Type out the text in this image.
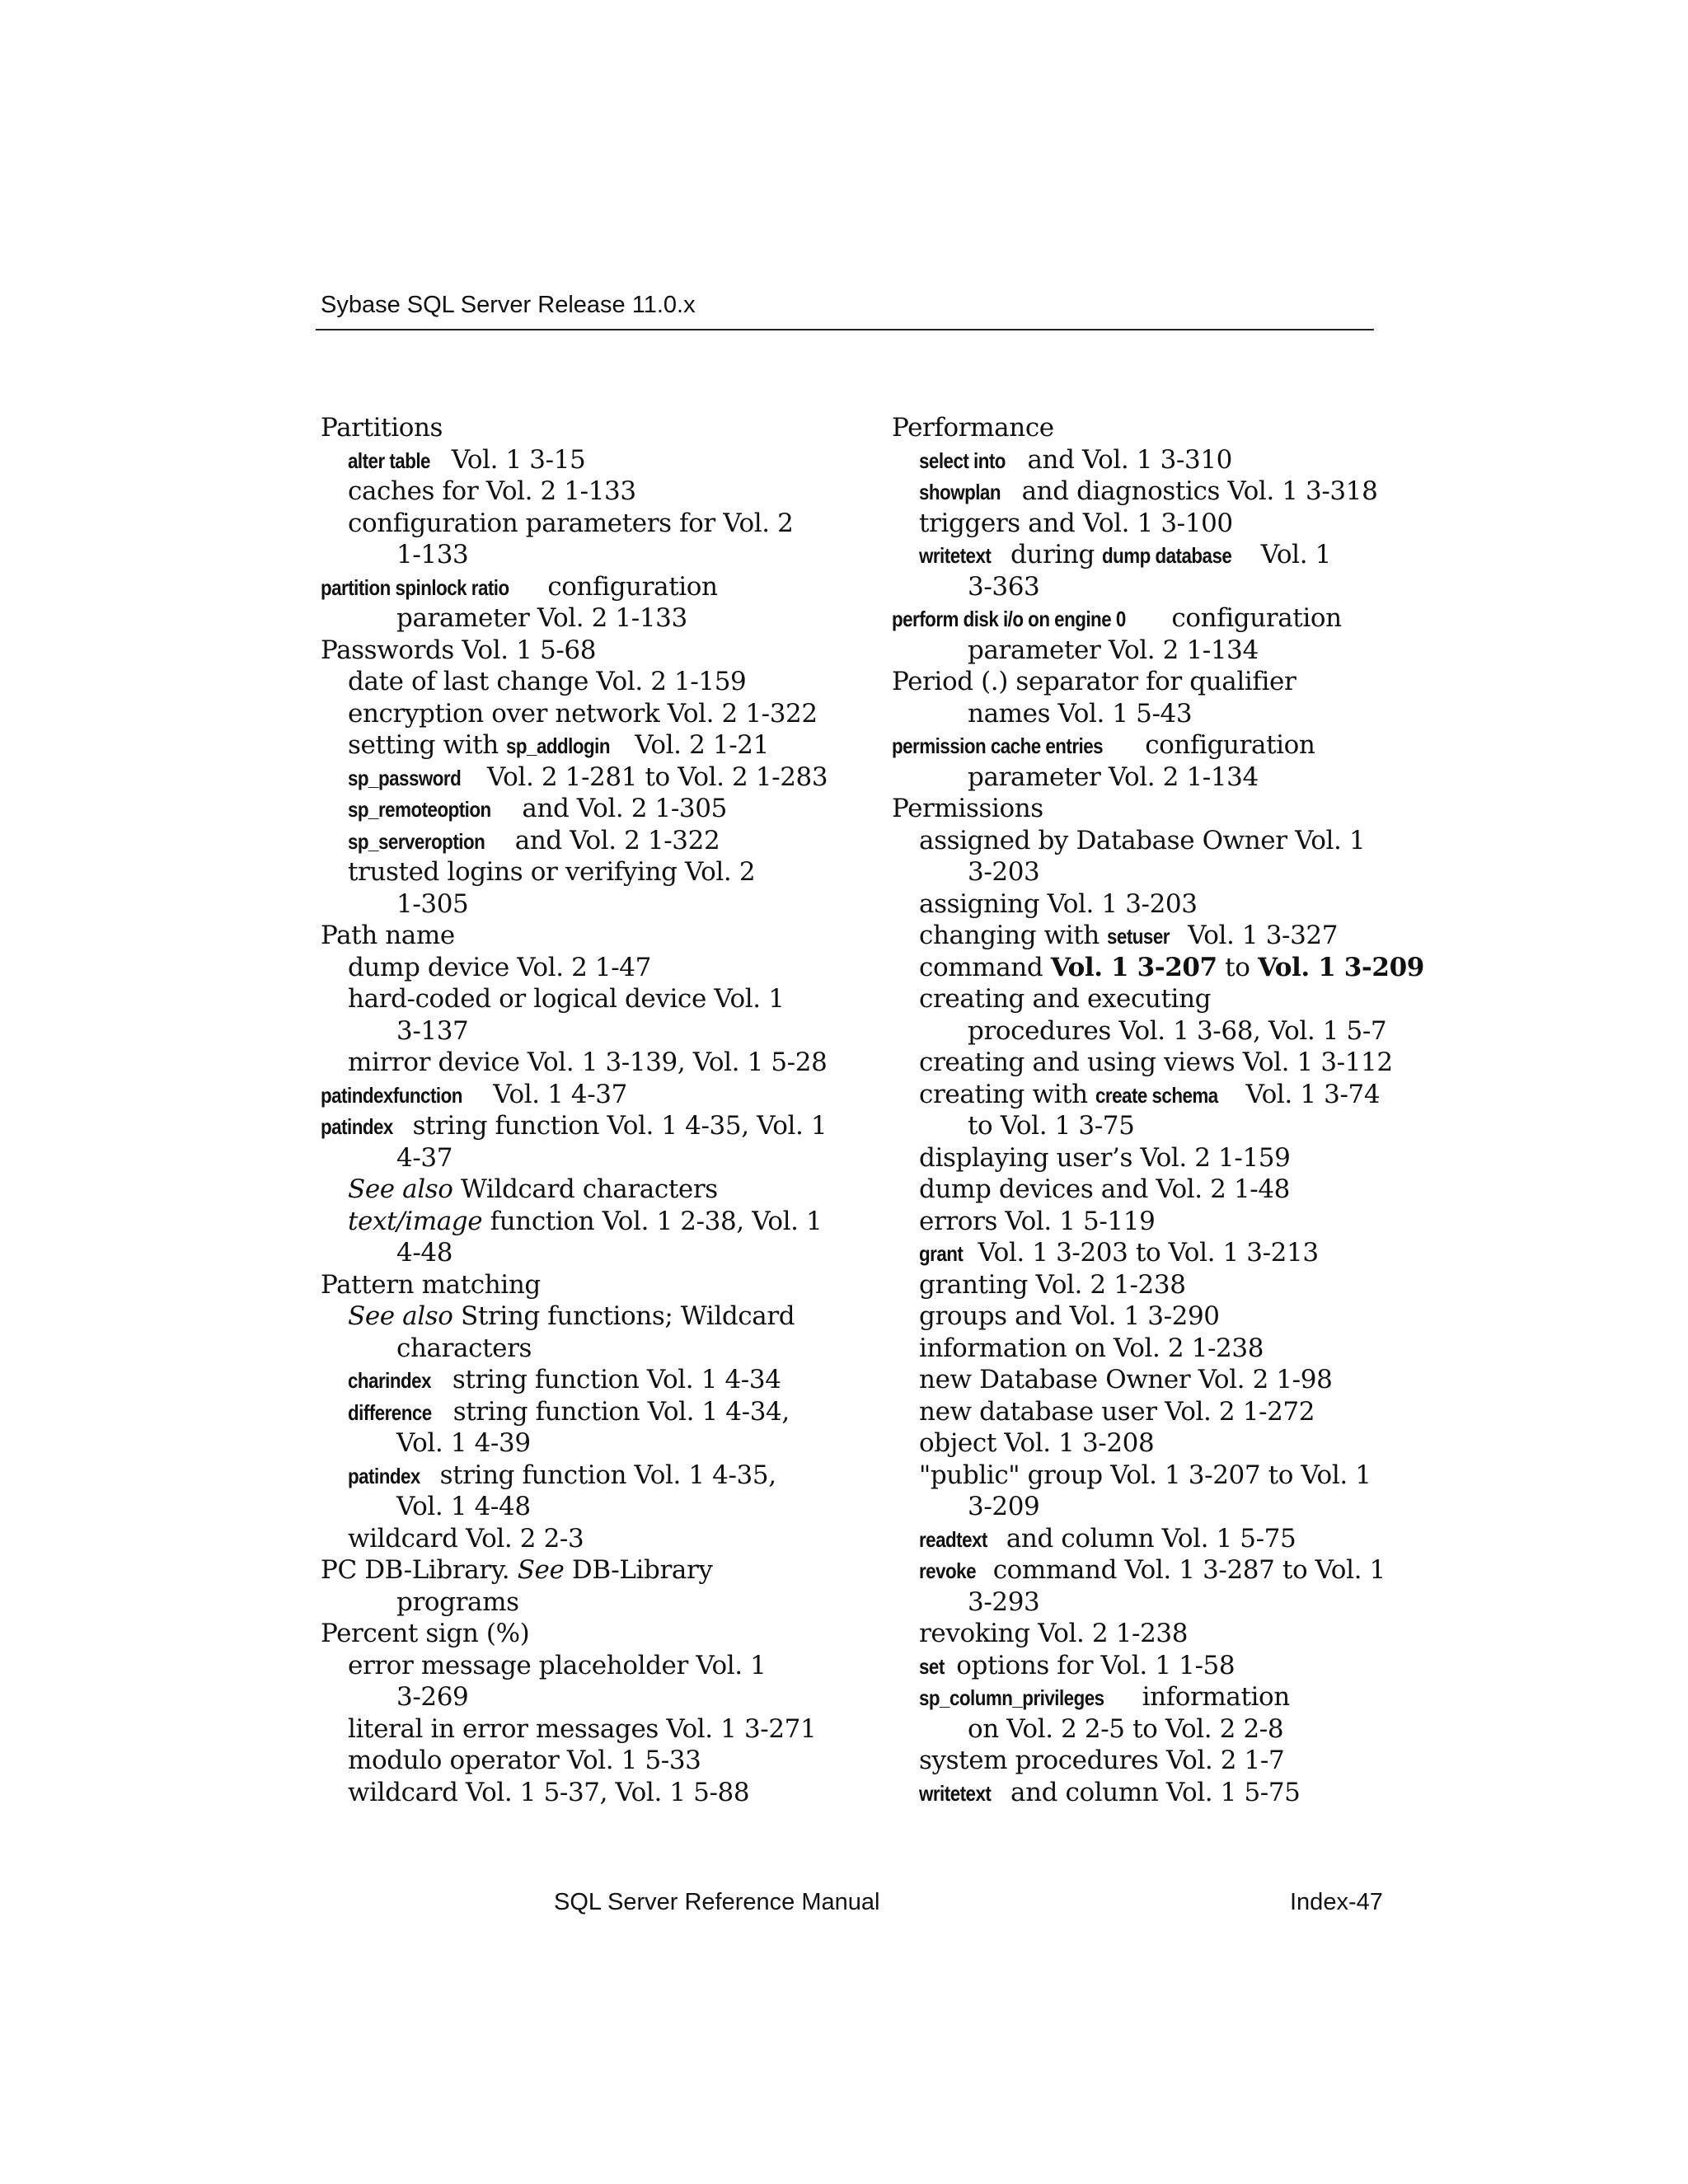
Sybase SQL Server Release 11.0.x
Partitions
alter table Vol. 1 3-15
caches for Vol. 2 1-133
configuration parameters for Vol. 2
1-133
partition spinlock ratio configuration
parameter Vol. 2 1-133
Passwords Vol. 1 5-68
date of last change Vol. 2 1-159
encryption over network Vol. 2 1-322
setting with sp_addlogin Vol. 2 1-21
sp_password Vol. 2 1-281 to Vol. 2 1-283
sp_remoteoption and Vol. 2 1-305
sp_serveroption and Vol. 2 1-322
trusted logins or verifying Vol. 2
1-305
Path name
dump device Vol. 2 1-47
hard-coded or logical device Vol. 1
3-137
mirror device Vol. 1 3-139, Vol. 1 5-28
patindexfunction Vol. 1 4-37
patindex string function Vol. 1 4-35, Vol. 1
4-37
See also Wildcard characters
text/image function Vol. 1 2-38, Vol. 1
4-48
Pattern matching
See also String functions; Wildcard
characters
charindex string function Vol. 1 4-34
difference string function Vol. 1 4-34,
Vol. 1 4-39
patindex string function Vol. 1 4-35,
Vol. 1 4-48
wildcard Vol. 2 2-3
PC DB-Library. See DB-Library
programs
Percent sign (%)
error message placeholder Vol. 1
3-269
literal in error messages Vol. 1 3-271
modulo operator Vol. 1 5-33
wildcard Vol. 1 5-37, Vol. 1 5-88
Performance
select into and Vol. 1 3-310
showplan and diagnostics Vol. 1 3-318
triggers and Vol. 1 3-100
writetext during dump database Vol. 1
3-363
perform disk i/o on engine 0 configuration
parameter Vol. 2 1-134
Period (.) separator for qualifier
names Vol. 1 5-43
permission cache entries configuration
parameter Vol. 2 1-134
Permissions
assigned by Database Owner Vol. 1
3-203
assigning Vol. 1 3-203
changing with setuser Vol. 1 3-327
command Vol. 1 3-207 to Vol. 1 3-209
creating and executing
procedures Vol. 1 3-68, Vol. 1 5-7
creating and using views Vol. 1 3-112
creating with create schema Vol. 1 3-74
to Vol. 1 3-75
displaying user’s Vol. 2 1-159
dump devices and Vol. 2 1-48
errors Vol. 1 5-119
grant Vol. 1 3-203 to Vol. 1 3-213
granting Vol. 2 1-238
groups and Vol. 1 3-290
information on Vol. 2 1-238
new Database Owner Vol. 2 1-98
new database user Vol. 2 1-272
object Vol. 1 3-208
"public" group Vol. 1 3-207 to Vol. 1
3-209
readtext and column Vol. 1 5-75
revoke command Vol. 1 3-287 to Vol. 1
3-293
revoking Vol. 2 1-238
set options for Vol. 1 1-58
sp_column_privileges information
on Vol. 2 2-5 to Vol. 2 2-8
system procedures Vol. 2 1-7
writetext and column Vol. 1 5-75
SQL Server Reference Manual	Index-47
